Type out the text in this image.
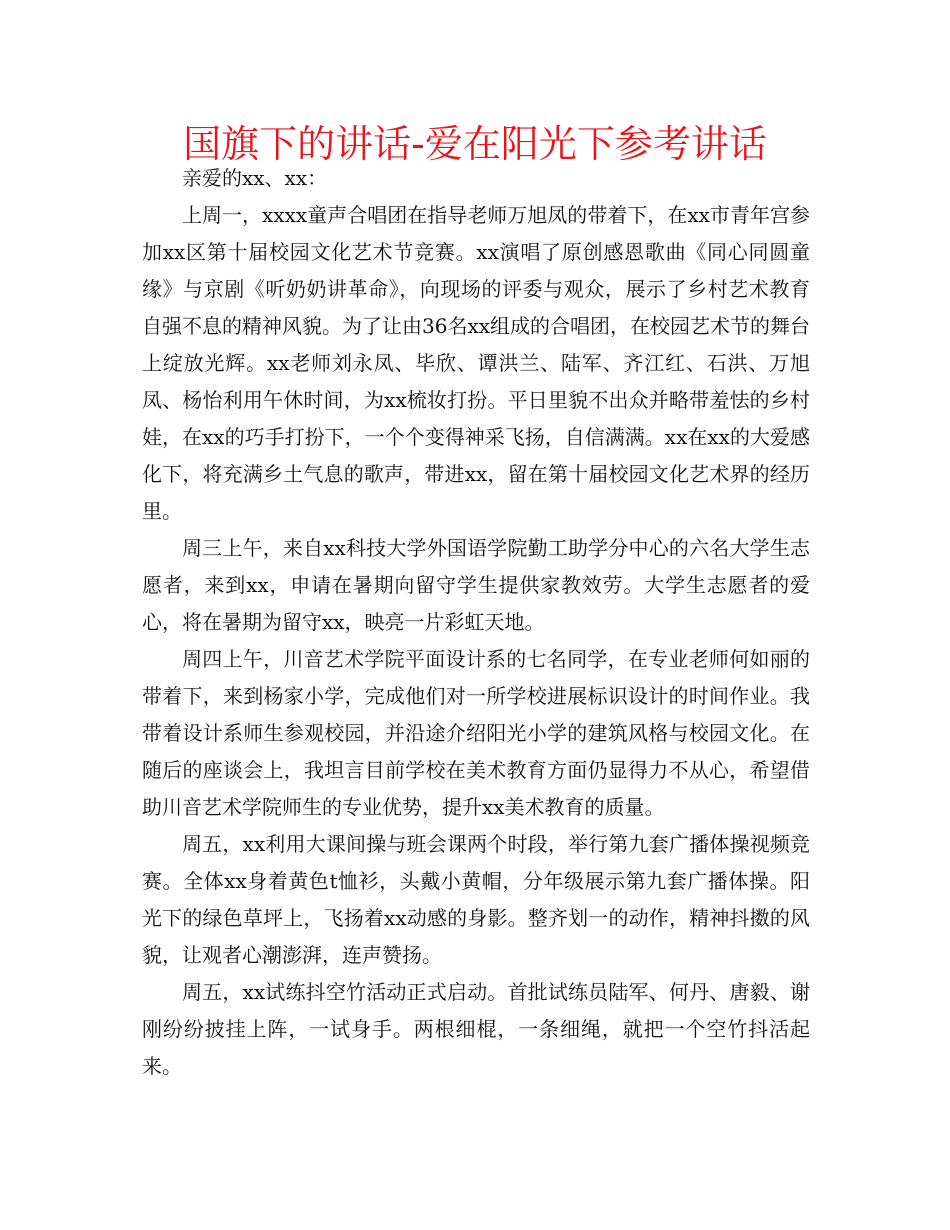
国旗下的讲话-爱在阳光下参考讲话

亲爱的xx、xx：

上周一，xxxx童声合唱团在指导老师万旭凤的带着下，在xx市青年宫参加xx区第十届校园文化艺术节竞赛。xx演唱了原创感恩歌曲《同心同圆童缘》与京剧《听奶奶讲革命》，向现场的评委与观众，展示了乡村艺术教育自强不息的精神风貌。为了让由36名xx组成的合唱团，在校园艺术节的舞台上绽放光辉。xx老师刘永凤、毕欣、谭洪兰、陆军、齐江红、石洪、万旭凤、杨怡利用午休时间，为xx梳妆打扮。平日里貌不出众并略带羞怯的乡村娃，在xx的巧手打扮下，一个个变得神采飞扬，自信满满。xx在xx的大爱感化下，将充满乡土气息的歌声，带进xx，留在第十届校园文化艺术界的经历里。

周三上午，来自xx科技大学外国语学院勤工助学分中心的六名大学生志愿者，来到xx，申请在暑期向留守学生提供家教效劳。大学生志愿者的爱心，将在暑期为留守xx，映亮一片彩虹天地。

周四上午，川音艺术学院平面设计系的七名同学，在专业老师何如丽的带着下，来到杨家小学，完成他们对一所学校进展标识设计的时间作业。我带着设计系师生参观校园，并沿途介绍阳光小学的建筑风格与校园文化。在随后的座谈会上，我坦言目前学校在美术教育方面仍显得力不从心，希望借助川音艺术学院师生的专业优势，提升xx美术教育的质量。

周五，xx利用大课间操与班会课两个时段，举行第九套广播体操视频竞赛。全体xx身着黄色t恤衫，头戴小黄帽，分年级展示第九套广播体操。阳光下的绿色草坪上，飞扬着xx动感的身影。整齐划一的动作，精神抖擞的风貌，让观者心潮澎湃，连声赞扬。

周五，xx试练抖空竹活动正式启动。首批试练员陆军、何丹、唐毅、谢刚纷纷披挂上阵，一试身手。两根细棍，一条细绳，就把一个空竹抖活起来。
